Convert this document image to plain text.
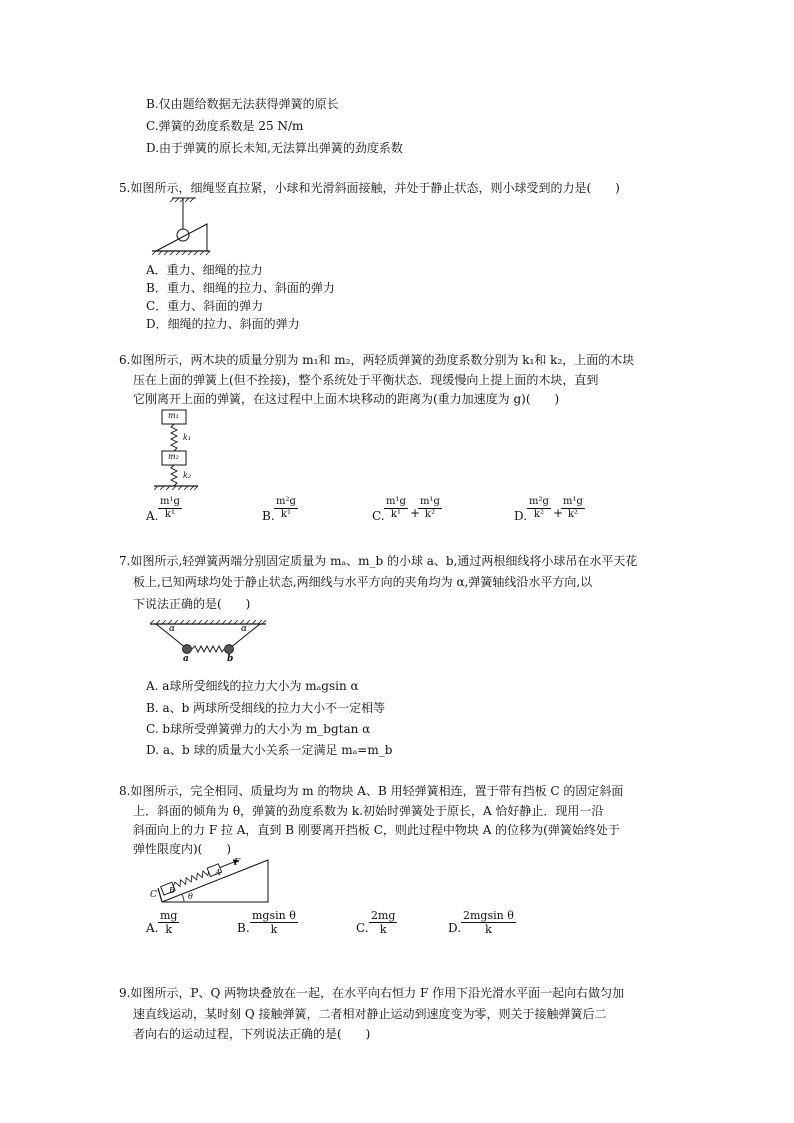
B.仅由题给数据无法获得弹簧的原长
C.弹簧的劲度系数是 25 N/m
D.由于弹簧的原长未知,无法算出弹簧的劲度系数
5.如图所示，细绳竖直拉紧，小球和光滑斜面接触，并处于静止状态，则小球受到的力是(　　)
A．重力、细绳的拉力
B．重力、细绳的拉力、斜面的弹力
C．重力、斜面的弹力
D．细绳的拉力、斜面的弹力
6.如图所示，两木块的质量分别为 m₁和 m₂，两轻质弹簧的劲度系数分别为 k₁和 k₂，上面的木块
压在上面的弹簧上(但不拴接)，整个系统处于平衡状态．现缓慢向上提上面的木块，直到
它刚离开上面的弹簧，在这过程中上面木块移动的距离为(重力加速度为 g)(　　)
m₁
k₁
m₂
k₂
A. $\frac{\text{m¹g}}{\text{k¹}}$	B. $\frac{\text{m²g}}{\text{k¹}}$	C. $\frac{\text{m¹g}}{\text{k¹}}$ +
$\frac{\text{m¹g}}{\text{k²}}$	D. $\frac{\text{m²g}}{\text{k²}}$ +
$\frac{\text{m¹g}}{\text{k²}}$
7.如图所示,轻弹簧两端分别固定质量为 mₐ、m_b 的小球 a、b,通过两根细线将小球吊在水平天花
板上,已知两球均处于静止状态,两细线与水平方向的夹角均为 α,弹簧轴线沿水平方向,以
下说法正确的是(　　)
α	α
a	b
A. a球所受细线的拉力大小为 mₐgsin α
B. a、b 两球所受细线的拉力大小不一定相等
C. b球所受弹簧弹力的大小为 m_bgtan α
D. a、b 球的质量大小关系一定满足 mₐ=m_b
8.如图所示，完全相同、质量均为 m 的物块 A、B 用轻弹簧相连，置于带有挡板 C 的固定斜面
上．斜面的倾角为 θ，弹簧的劲度系数为 k.初始时弹簧处于原长，A 恰好静止．现用一沿
斜面向上的力 F 拉 A，直到 B 刚要离开挡板 C，则此过程中物块 A 的位移为(弹簧始终处于
弹性限度内)(　　)
C B
A
F
θ
A. $\frac{mg}{k}$	B. $\frac{\text{mgsin θ}}{k}$	C. $\frac{2mg}{k}$	D. $\frac{\text{2mgsin θ}}{k}$
9.如图所示，P、Q 两物块叠放在一起，在水平向右恒力 F 作用下沿光滑水平面一起向右做匀加
速直线运动，某时刻 Q 接触弹簧，二者相对静止运动到速度变为零，则关于接触弹簧后二
者向右的运动过程，下列说法正确的是(　　)
